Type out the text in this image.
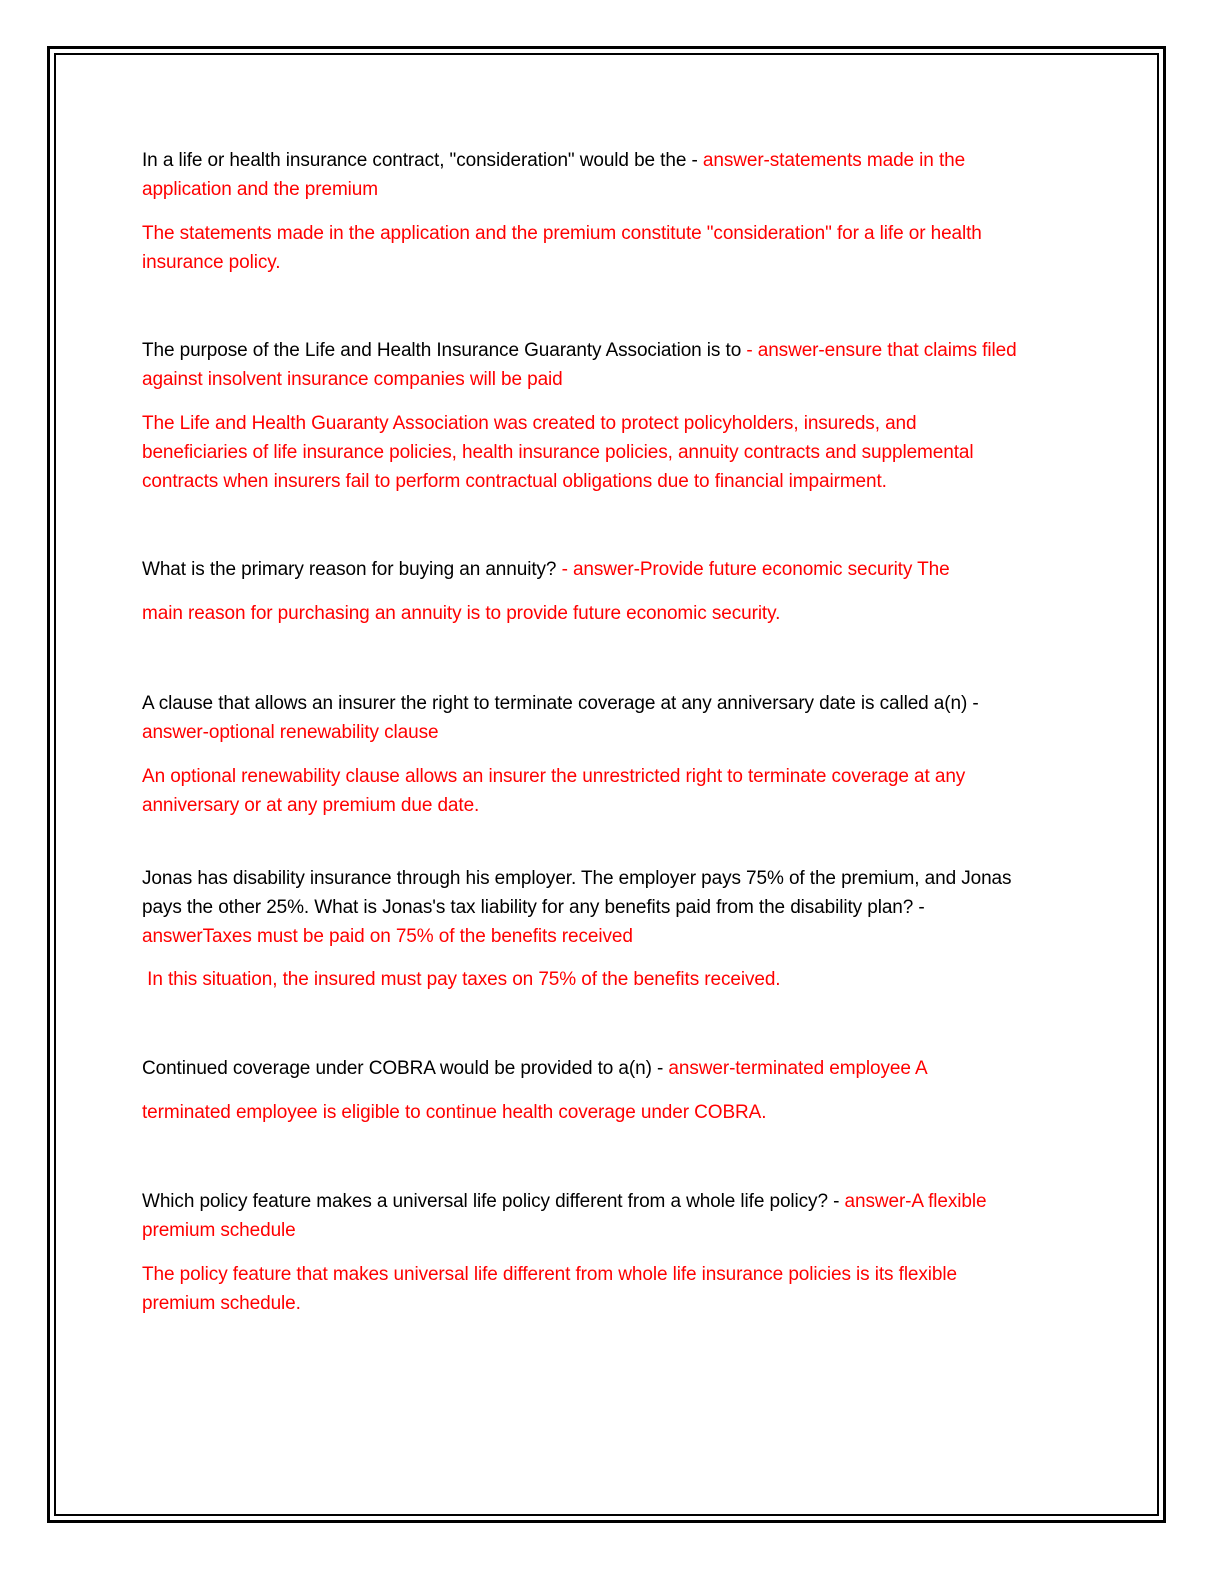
In a life or health insurance contract, "consideration" would be the - answer-statements made in the
application and the premium
The statements made in the application and the premium constitute "consideration" for a life or health
insurance policy.
The purpose of the Life and Health Insurance Guaranty Association is to - answer-ensure that claims filed
against insolvent insurance companies will be paid
The Life and Health Guaranty Association was created to protect policyholders, insureds, and
beneficiaries of life insurance policies, health insurance policies, annuity contracts and supplemental
contracts when insurers fail to perform contractual obligations due to financial impairment.
What is the primary reason for buying an annuity? - answer-Provide future economic security The
main reason for purchasing an annuity is to provide future economic security.
A clause that allows an insurer the right to terminate coverage at any anniversary date is called a(n) -
answer-optional renewability clause
An optional renewability clause allows an insurer the unrestricted right to terminate coverage at any
anniversary or at any premium due date.
Jonas has disability insurance through his employer. The employer pays 75% of the premium, and Jonas
pays the other 25%. What is Jonas's tax liability for any benefits paid from the disability plan? -
answerTaxes must be paid on 75% of the benefits received
In this situation, the insured must pay taxes on 75% of the benefits received.
Continued coverage under COBRA would be provided to a(n) - answer-terminated employee A
terminated employee is eligible to continue health coverage under COBRA.
Which policy feature makes a universal life policy different from a whole life policy? - answer-A flexible
premium schedule
The policy feature that makes universal life different from whole life insurance policies is its flexible
premium schedule.
